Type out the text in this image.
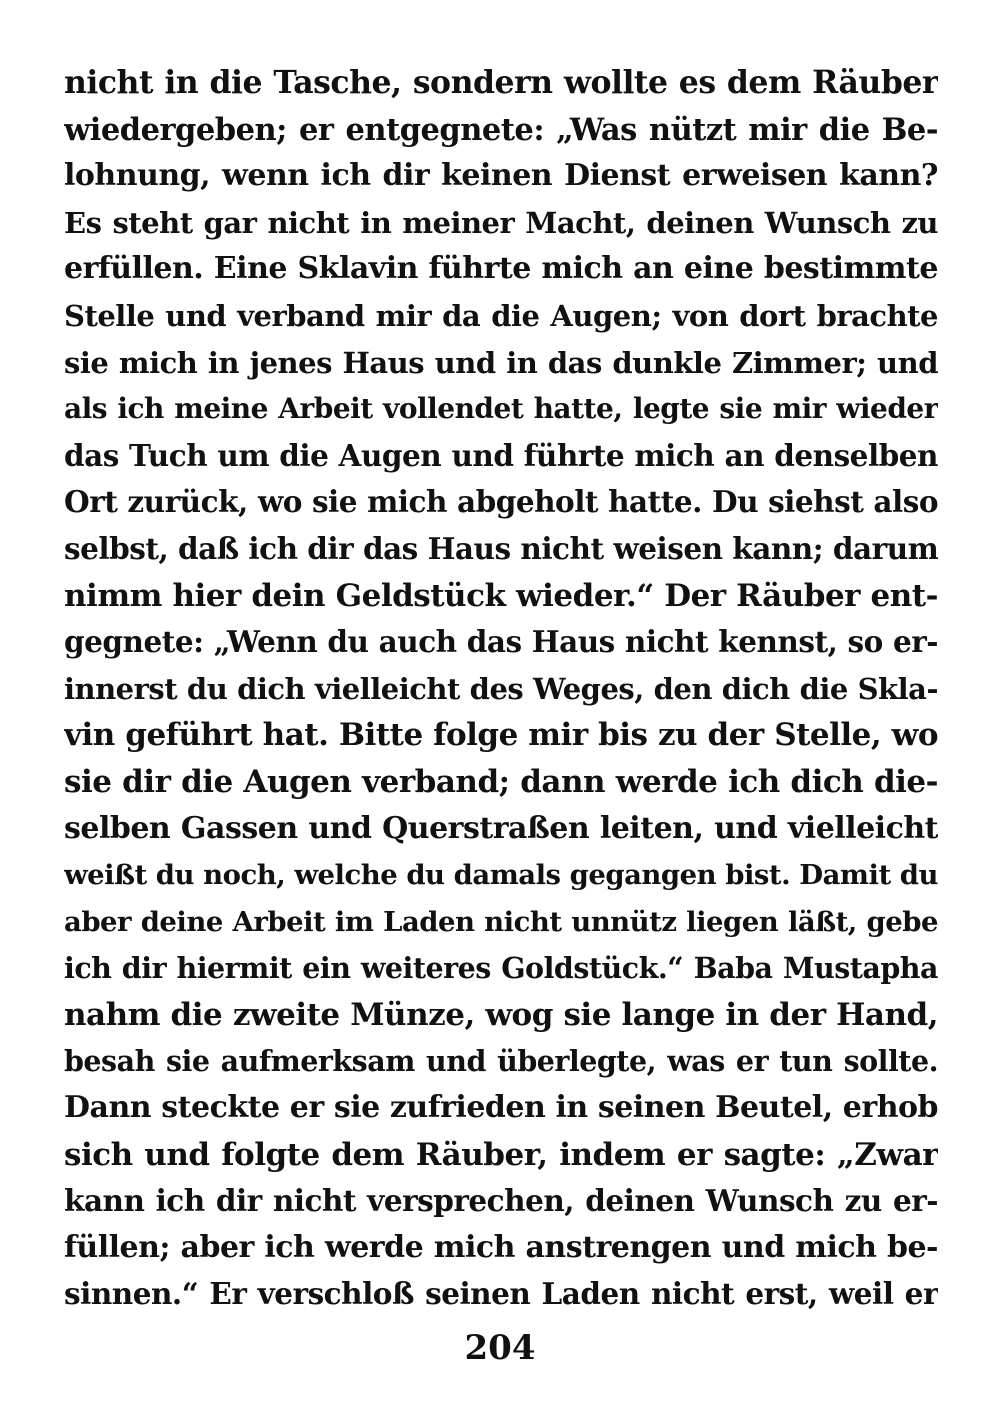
nicht in die Tasche, sondern wollte es dem Räuber
wiedergeben; er entgegnete: „Was nützt mir die Be-
lohnung, wenn ich dir keinen Dienst erweisen kann?
Es steht gar nicht in meiner Macht, deinen Wunsch zu
erfüllen. Eine Sklavin führte mich an eine bestimmte
Stelle und verband mir da die Augen; von dort brachte
sie mich in jenes Haus und in das dunkle Zimmer; und
als ich meine Arbeit vollendet hatte, legte sie mir wieder
das Tuch um die Augen und führte mich an denselben
Ort zurück, wo sie mich abgeholt hatte. Du siehst also
selbst, daß ich dir das Haus nicht weisen kann; darum
nimm hier dein Geldstück wieder.“ Der Räuber ent-
gegnete: „Wenn du auch das Haus nicht kennst, so er-
innerst du dich vielleicht des Weges, den dich die Skla-
vin geführt hat. Bitte folge mir bis zu der Stelle, wo
sie dir die Augen verband; dann werde ich dich die-
selben Gassen und Querstraßen leiten, und vielleicht
weißt du noch, welche du damals gegangen bist. Damit du
aber deine Arbeit im Laden nicht unnütz liegen läßt, gebe
ich dir hiermit ein weiteres Goldstück.“ Baba Mustapha
nahm die zweite Münze, wog sie lange in der Hand,
besah sie aufmerksam und überlegte, was er tun sollte.
Dann steckte er sie zufrieden in seinen Beutel, erhob
sich und folgte dem Räuber, indem er sagte: „Zwar
kann ich dir nicht versprechen, deinen Wunsch zu er-
füllen; aber ich werde mich anstrengen und mich be-
sinnen.“ Er verschloß seinen Laden nicht erst, weil er
204
